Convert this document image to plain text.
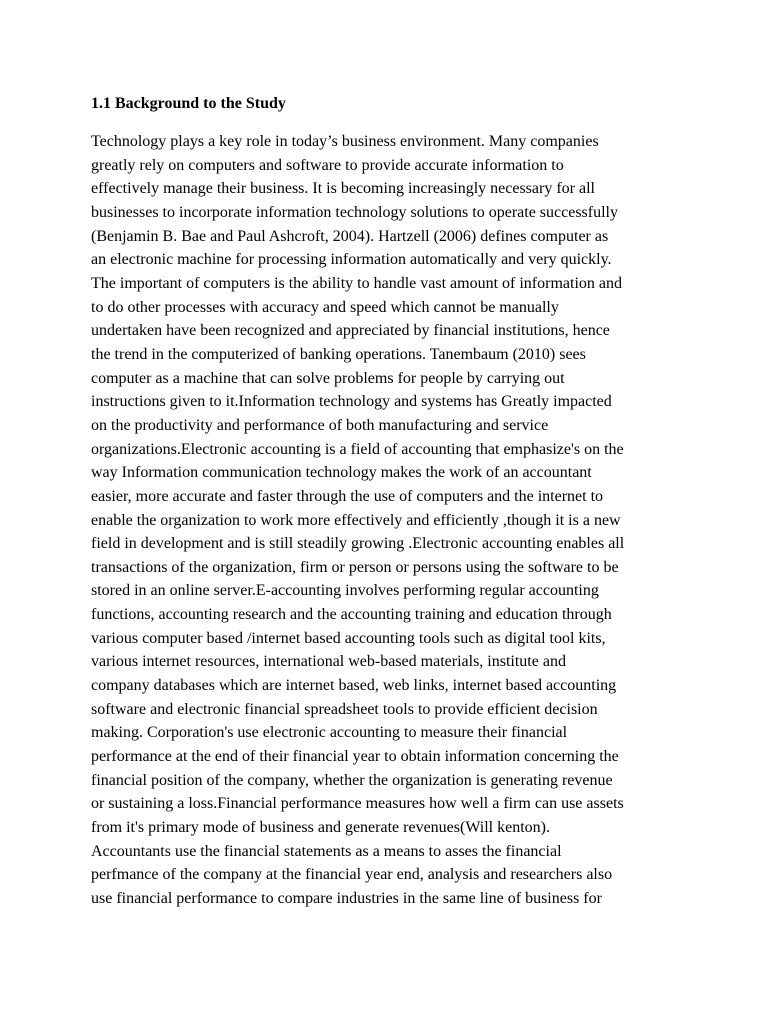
1.1 Background to the Study
Technology plays a key role in today’s business environment. Many companies
greatly rely on computers and software to provide accurate information to
effectively manage their business. It is becoming increasingly necessary for all
businesses to incorporate information technology solutions to operate successfully
(Benjamin B. Bae and Paul Ashcroft, 2004). Hartzell (2006) defines computer as
an electronic machine for processing information automatically and very quickly.
The important of computers is the ability to handle vast amount of information and
to do other processes with accuracy and speed which cannot be manually
undertaken have been recognized and appreciated by financial institutions, hence
the trend in the computerized of banking operations. Tanembaum (2010) sees
computer as a machine that can solve problems for people by carrying out
instructions given to it.Information technology and systems has Greatly impacted
on the productivity and performance of both manufacturing and service
organizations.Electronic accounting is a field of accounting that emphasize's on the
way Information communication technology makes the work of an accountant
easier, more accurate and faster through the use of computers and the internet to
enable the organization to work more effectively and efficiently ,though it is a new
field in development and is still steadily growing .Electronic accounting enables all
transactions of the organization, firm or person or persons using the software to be
stored in an online server.E-accounting involves performing regular accounting
functions, accounting research and the accounting training and education through
various computer based /internet based accounting tools such as digital tool kits,
various internet resources, international web-based materials, institute and
company databases which are internet based, web links, internet based accounting
software and electronic financial spreadsheet tools to provide efficient decision
making. Corporation's use electronic accounting to measure their financial
performance at the end of their financial year to obtain information concerning the
financial position of the company, whether the organization is generating revenue
or sustaining a loss.Financial performance measures how well a firm can use assets
from it's primary mode of business and generate revenues(Will kenton).
Accountants use the financial statements as a means to asses the financial
perfmance of the company at the financial year end, analysis and researchers also
use financial performance to compare industries in the same line of business for
